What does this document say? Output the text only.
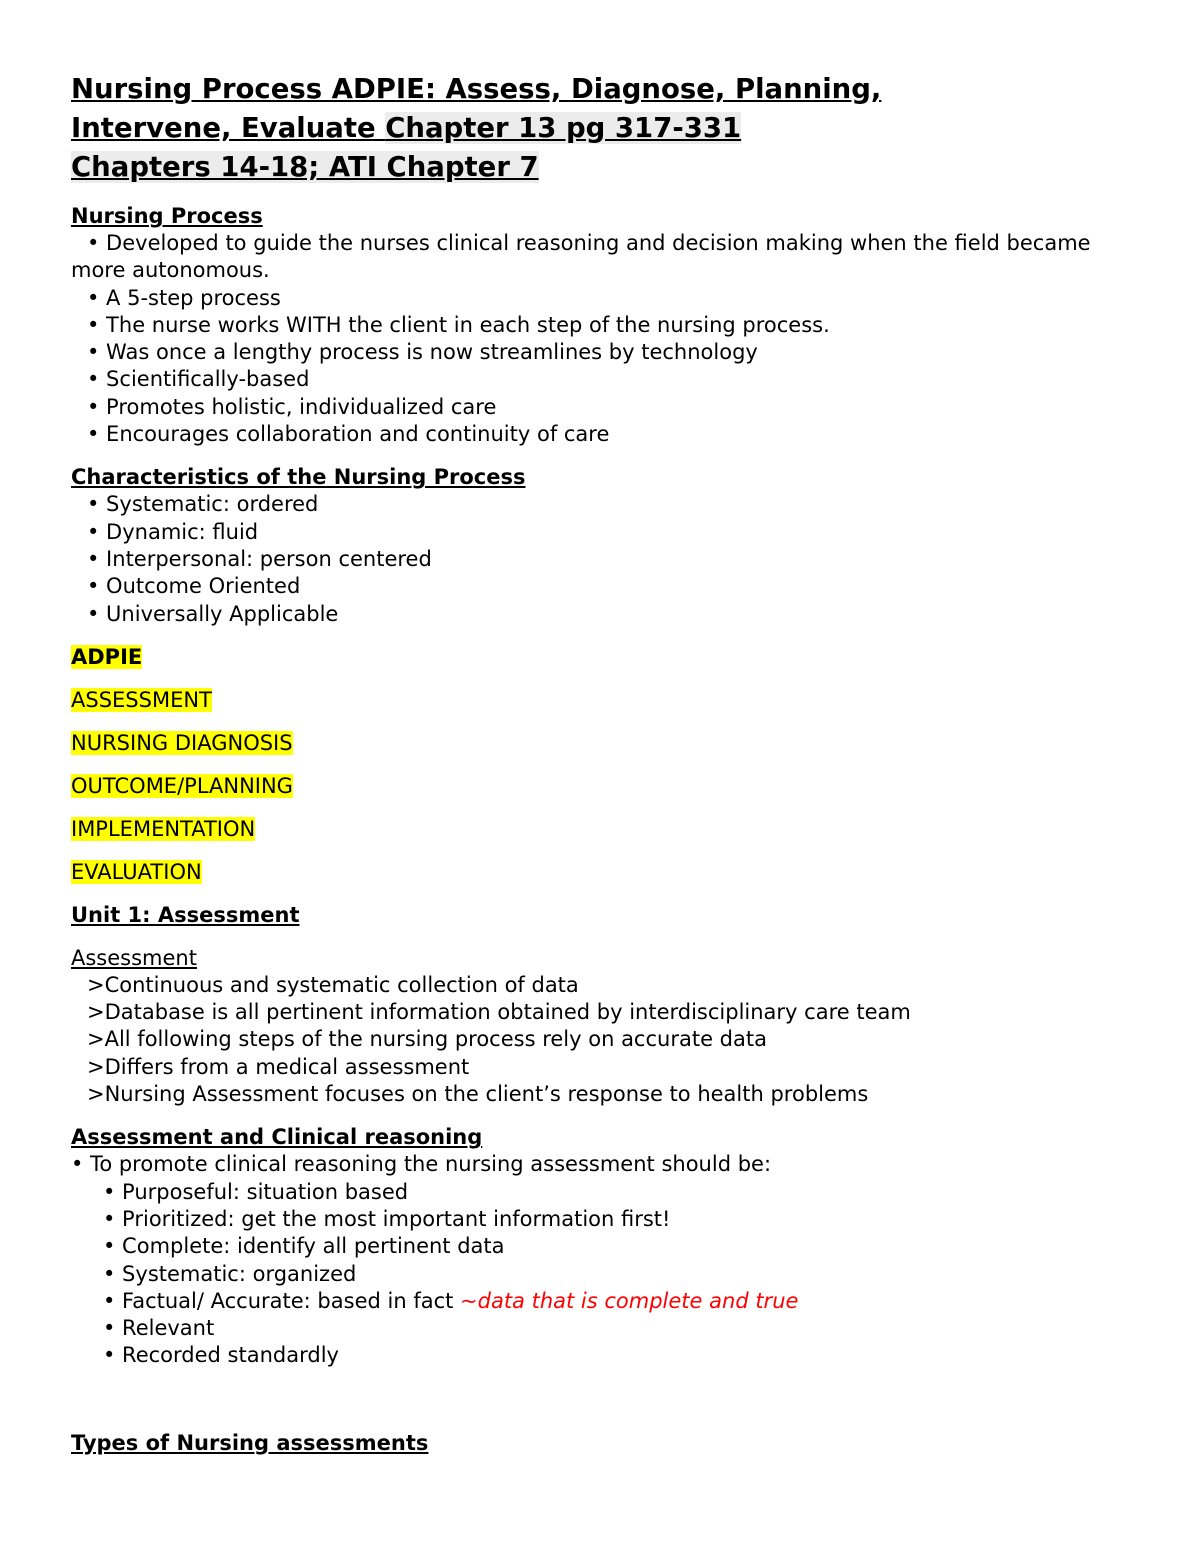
Nursing Process ADPIE: Assess, Diagnose, Planning,

Intervene, Evaluate Chapter 13 pg 317-331

Chapters 14-18; ATI Chapter 7

Nursing Process

• Developed to guide the nurses clinical reasoning and decision making when the field became more autonomous.

• A 5-step process

• The nurse works WITH the client in each step of the nursing process.

• Was once a lengthy process is now streamlines by technology

• Scientifically-based

• Promotes holistic, individualized care

• Encourages collaboration and continuity of care

Characteristics of the Nursing Process

• Systematic: ordered

• Dynamic: fluid

• Interpersonal: person centered

• Outcome Oriented

• Universally Applicable

ADPIE

ASSESSMENT

NURSING DIAGNOSIS

OUTCOME/PLANNING

IMPLEMENTATION

EVALUATION

Unit 1: Assessment

Assessment

>Continuous and systematic collection of data

>Database is all pertinent information obtained by interdisciplinary care team

>All following steps of the nursing process rely on accurate data

>Differs from a medical assessment

>Nursing Assessment focuses on the client’s response to health problems

Assessment and Clinical reasoning

• To promote clinical reasoning the nursing assessment should be:

• Purposeful: situation based

• Prioritized: get the most important information first!

• Complete: identify all pertinent data

• Systematic: organized

• Factual/ Accurate: based in fact ~data that is complete and true

• Relevant

• Recorded standardly

Types of Nursing assessments
